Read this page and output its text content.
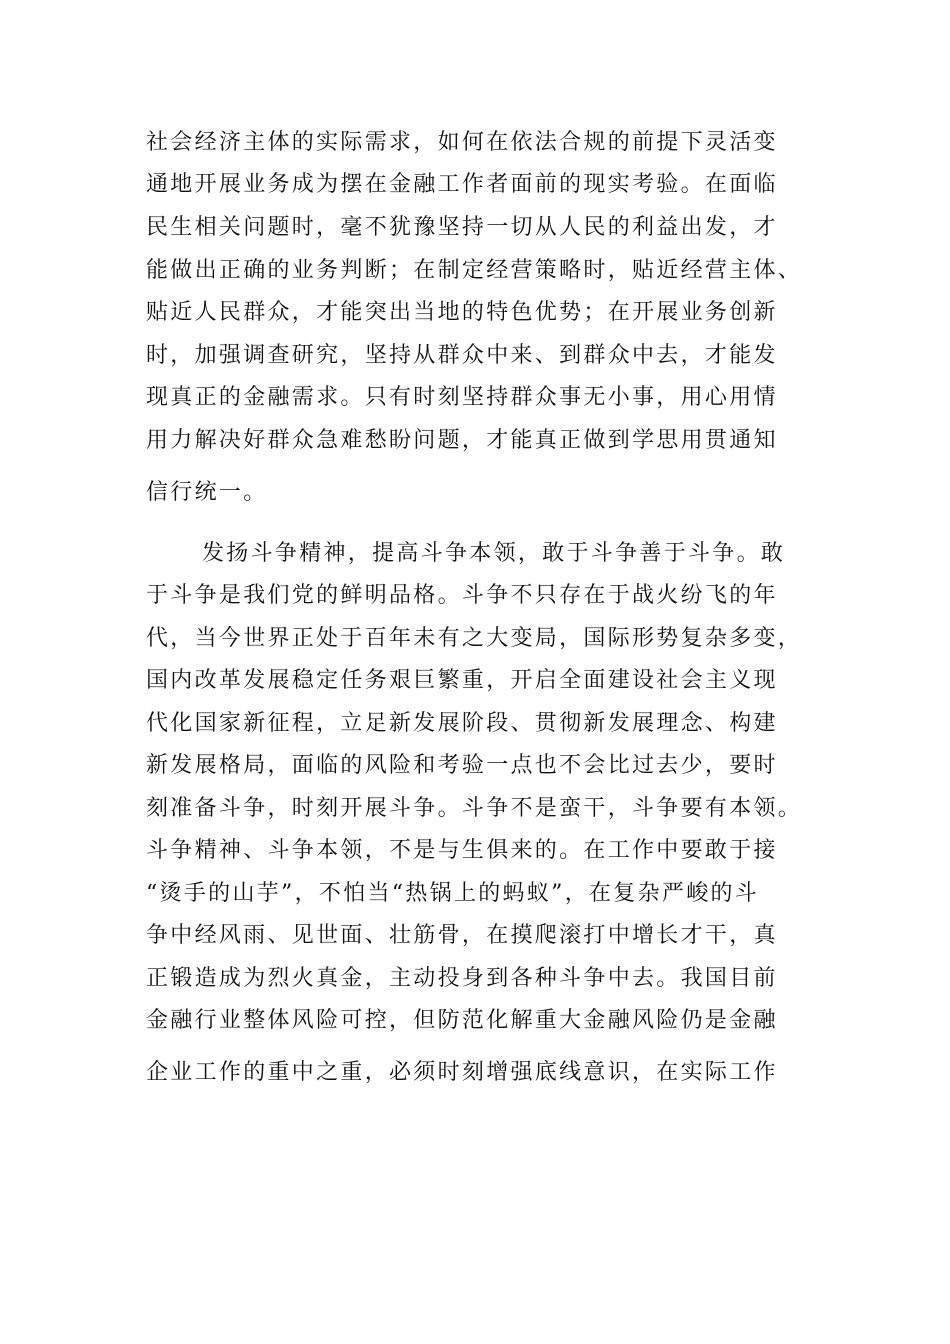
社会经济主体的实际需求，如何在依法合规的前提下灵活变
通地开展业务成为摆在金融工作者面前的现实考验。在面临
民生相关问题时，毫不犹豫坚持一切从人民的利益出发，才
能做出正确的业务判断；在制定经营策略时，贴近经营主体、
贴近人民群众，才能突出当地的特色优势；在开展业务创新
时，加强调查研究，坚持从群众中来、到群众中去，才能发
现真正的金融需求。只有时刻坚持群众事无小事，用心用情
用力解决好群众急难愁盼问题，才能真正做到学思用贯通知
信行统一。
发扬斗争精神，提高斗争本领，敢于斗争善于斗争。敢
于斗争是我们党的鲜明品格。斗争不只存在于战火纷飞的年
代，当今世界正处于百年未有之大变局，国际形势复杂多变，
国内改革发展稳定任务艰巨繁重，开启全面建设社会主义现
代化国家新征程，立足新发展阶段、贯彻新发展理念、构建
新发展格局，面临的风险和考验一点也不会比过去少，要时
刻准备斗争，时刻开展斗争。斗争不是蛮干，斗争要有本领。
斗争精神、斗争本领，不是与生俱来的。在工作中要敢于接
“烫手的山芋”，不怕当“热锅上的蚂蚁”，在复杂严峻的斗
争中经风雨、见世面、壮筋骨，在摸爬滚打中增长才干，真
正锻造成为烈火真金，主动投身到各种斗争中去。我国目前
金融行业整体风险可控，但防范化解重大金融风险仍是金融
企业工作的重中之重，必须时刻增强底线意识，在实际工作
